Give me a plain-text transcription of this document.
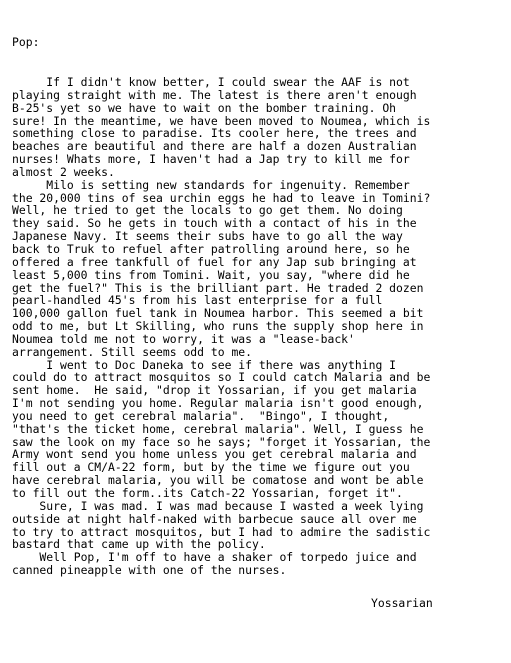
Pop:
If I didn't know better, I could swear the AAF is not
playing straight with me. The latest is there aren't enough
B-25's yet so we have to wait on the bomber training. Oh
sure! In the meantime, we have been moved to Noumea, which is
something close to paradise. Its cooler here, the trees and
beaches are beautiful and there are half a dozen Australian
nurses! Whats more, I haven't had a Jap try to kill me for
almost 2 weeks.
Milo is setting new standards for ingenuity. Remember
the 20,000 tins of sea urchin eggs he had to leave in Tomini?
Well, he tried to get the locals to go get them. No doing
they said. So he gets in touch with a contact of his in the
Japanese Navy. It seems their subs have to go all the way
back to Truk to refuel after patrolling around here, so he
offered a free tankfull of fuel for any Jap sub bringing at
least 5,000 tins from Tomini. Wait, you say, "where did he
get the fuel?" This is the brilliant part. He traded 2 dozen
pearl-handled 45's from his last enterprise for a full
100,000 gallon fuel tank in Noumea harbor. This seemed a bit
odd to me, but Lt Skilling, who runs the supply shop here in
Noumea told me not to worry, it was a "lease-back'
arrangement. Still seems odd to me.
I went to Doc Daneka to see if there was anything I
could do to attract mosquitos so I could catch Malaria and be
sent home.  He said, "drop it Yossarian, if you get malaria
I'm not sending you home. Regular malaria isn't good enough,
you need to get cerebral malaria".  "Bingo", I thought,
"that's the ticket home, cerebral malaria". Well, I guess he
saw the look on my face so he says; "forget it Yossarian, the
Army wont send you home unless you get cerebral malaria and
fill out a CM/A-22 form, but by the time we figure out you
have cerebral malaria, you will be comatose and wont be able
to fill out the form..its Catch-22 Yossarian, forget it".
Sure, I was mad. I was mad because I wasted a week lying
outside at night half-naked with barbecue sauce all over me
to try to attract mosquitos, but I had to admire the sadistic
bastard that came up with the policy.
Well Pop, I'm off to have a shaker of torpedo juice and
canned pineapple with one of the nurses.
Yossarian
